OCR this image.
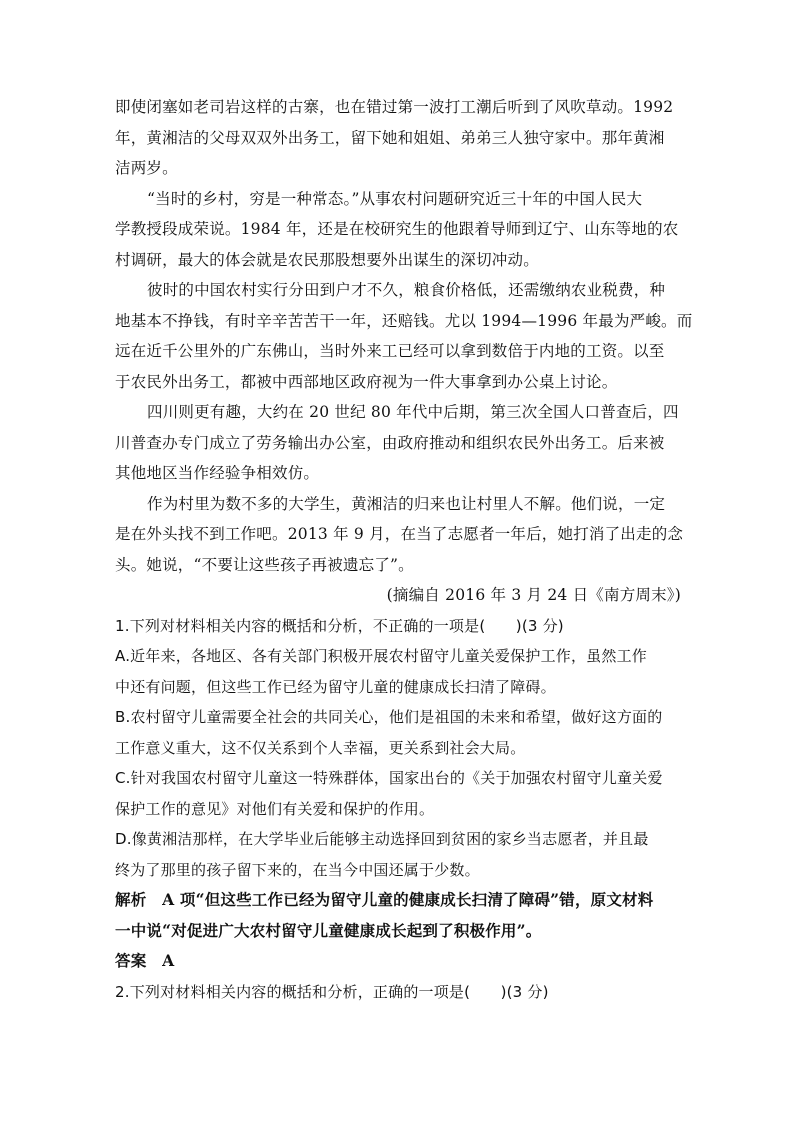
即使闭塞如老司岩这样的古寨，也在错过第一波打工潮后听到了风吹草动。1992
年，黄湘洁的父母双双外出务工，留下她和姐姐、弟弟三人独守家中。那年黄湘
洁两岁。
“当时的乡村，穷是一种常态。”从事农村问题研究近三十年的中国人民大
学教授段成荣说。1984 年，还是在校研究生的他跟着导师到辽宁、山东等地的农
村调研，最大的体会就是农民那股想要外出谋生的深切冲动。
彼时的中国农村实行分田到户才不久，粮食价格低，还需缴纳农业税费，种
地基本不挣钱，有时辛辛苦苦干一年，还赔钱。尤以 1994—1996 年最为严峻。而
远在近千公里外的广东佛山，当时外来工已经可以拿到数倍于内地的工资。以至
于农民外出务工，都被中西部地区政府视为一件大事拿到办公桌上讨论。
四川则更有趣，大约在 20 世纪 80 年代中后期，第三次全国人口普查后，四
川普查办专门成立了劳务输出办公室，由政府推动和组织农民外出务工。后来被
其他地区当作经验争相效仿。
作为村里为数不多的大学生，黄湘洁的归来也让村里人不解。他们说，一定
是在外头找不到工作吧。2013 年 9 月，在当了志愿者一年后，她打消了出走的念
头。她说，“不要让这些孩子再被遗忘了”。
(摘编自 2016 年 3 月 24 日《南方周末》)
1.下列对材料相关内容的概括和分析，不正确的一项是(　　)(3 分)
A.近年来，各地区、各有关部门积极开展农村留守儿童关爱保护工作，虽然工作
中还有问题，但这些工作已经为留守儿童的健康成长扫清了障碍。
B.农村留守儿童需要全社会的共同关心，他们是祖国的未来和希望，做好这方面的
工作意义重大，这不仅关系到个人幸福，更关系到社会大局。
C.针对我国农村留守儿童这一特殊群体，国家出台的《关于加强农村留守儿童关爱
保护工作的意见》对他们有关爱和保护的作用。
D.像黄湘洁那样，在大学毕业后能够主动选择回到贫困的家乡当志愿者，并且最
终为了那里的孩子留下来的，在当今中国还属于少数。
解析　A 项“但这些工作已经为留守儿童的健康成长扫清了障碍”错，原文材料
一中说“对促进广大农村留守儿童健康成长起到了积极作用”。
答案　A
2.下列对材料相关内容的概括和分析，正确的一项是(　　)(3 分)
